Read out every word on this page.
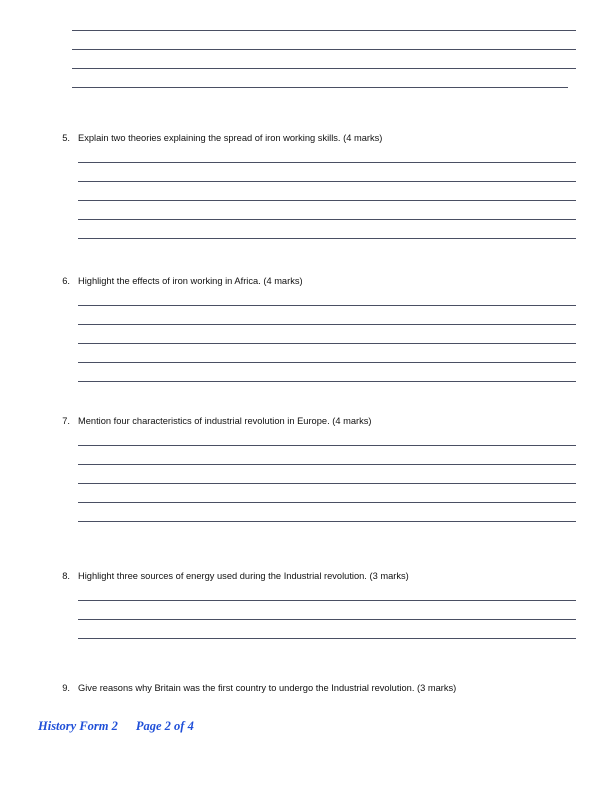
5. Explain two theories explaining the spread of iron working skills. (4 marks)
6. Highlight the effects of iron working in Africa. (4 marks)
7. Mention four characteristics of industrial revolution in Europe. (4 marks)
8. Highlight three sources of energy used during the Industrial revolution. (3 marks)
9. Give reasons why Britain was the first country to undergo the Industrial revolution. (3 marks)
History Form 2 Page 2 of 4
